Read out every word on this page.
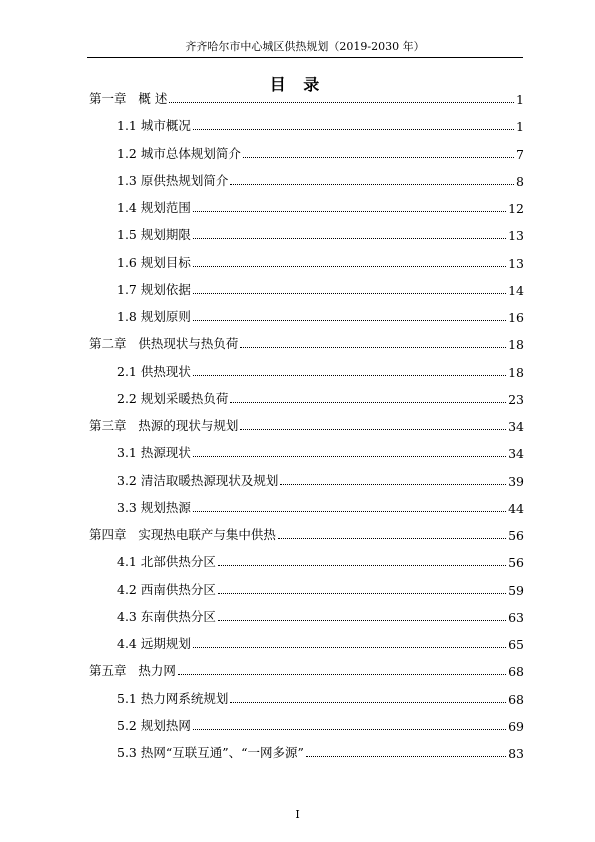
齐齐哈尔市中心城区供热规划（2019-2030 年）
目 录
第一章   概 述	1
1.1 城市概况	1
1.2 城市总体规划简介	7
1.3 原供热规划简介	8
1.4 规划范围	12
1.5 规划期限	13
1.6 规划目标	13
1.7 规划依据	14
1.8 规划原则	16
第二章   供热现状与热负荷	18
2.1 供热现状	18
2.2 规划采暖热负荷	23
第三章   热源的现状与规划	34
3.1 热源现状	34
3.2 清洁取暖热源现状及规划	39
3.3 规划热源	44
第四章   实现热电联产与集中供热	56
4.1 北部供热分区	56
4.2 西南供热分区	59
4.3 东南供热分区	63
4.4 远期规划	65
第五章   热力网	68
5.1 热力网系统规划	68
5.2 规划热网	69
5.3 热网“互联互通”、“一网多源”	83
I
